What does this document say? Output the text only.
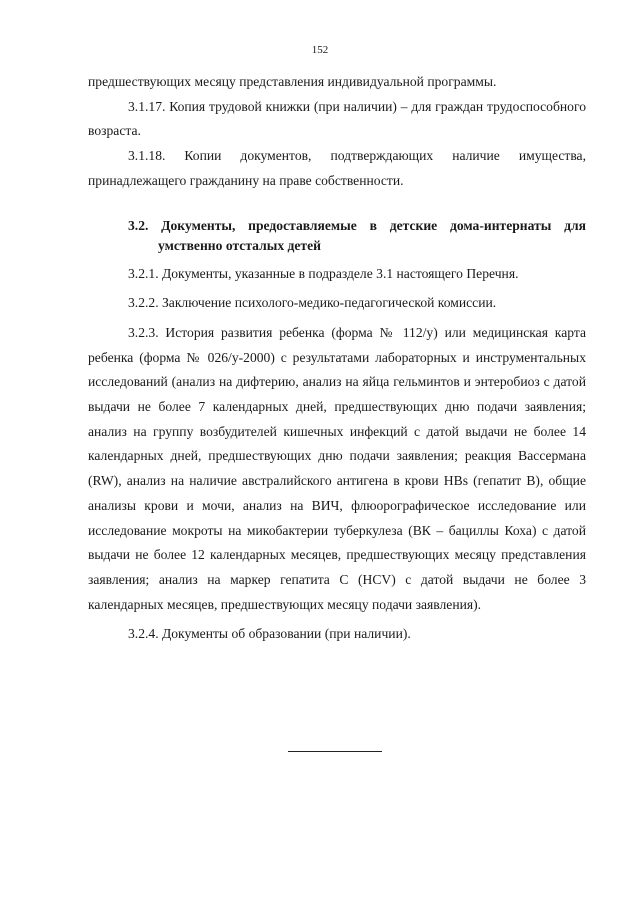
152

предшествующих месяцу представления индивидуальной программы.

3.1.17. Копия трудовой книжки (при наличии) – для граждан трудоспособного возраста.

3.1.18. Копии документов, подтверждающих наличие имущества, принадлежащего гражданину на праве собственности.

3.2. Документы, предоставляемые в детские дома-интернаты для умственно отсталых детей

3.2.1. Документы, указанные в подразделе 3.1 настоящего Перечня.

3.2.2. Заключение психолого-медико-педагогической комиссии.

3.2.3. История развития ребенка (форма № 112/у) или медицинская карта ребенка (форма № 026/у-2000) с результатами лабораторных и инструментальных исследований (анализ на дифтерию, анализ на яйца гельминтов и энтеробиоз с датой выдачи не более 7 календарных дней, предшествующих дню подачи заявления; анализ на группу возбудителей кишечных инфекций с датой выдачи не более 14 календарных дней, предшествующих дню подачи заявления; реакция Вассермана (RW), анализ на наличие австралийского антигена в крови HBs (гепатит B), общие анализы крови и мочи, анализ на ВИЧ, флюорографическое исследование или исследование мокроты на микобактерии туберкулеза (ВК – бациллы Коха) с датой выдачи не более 12 календарных месяцев, предшествующих месяцу представления заявления; анализ на маркер гепатита С (HCV) с датой выдачи не более 3 календарных месяцев, предшествующих месяцу подачи заявления).

3.2.4. Документы об образовании (при наличии).
